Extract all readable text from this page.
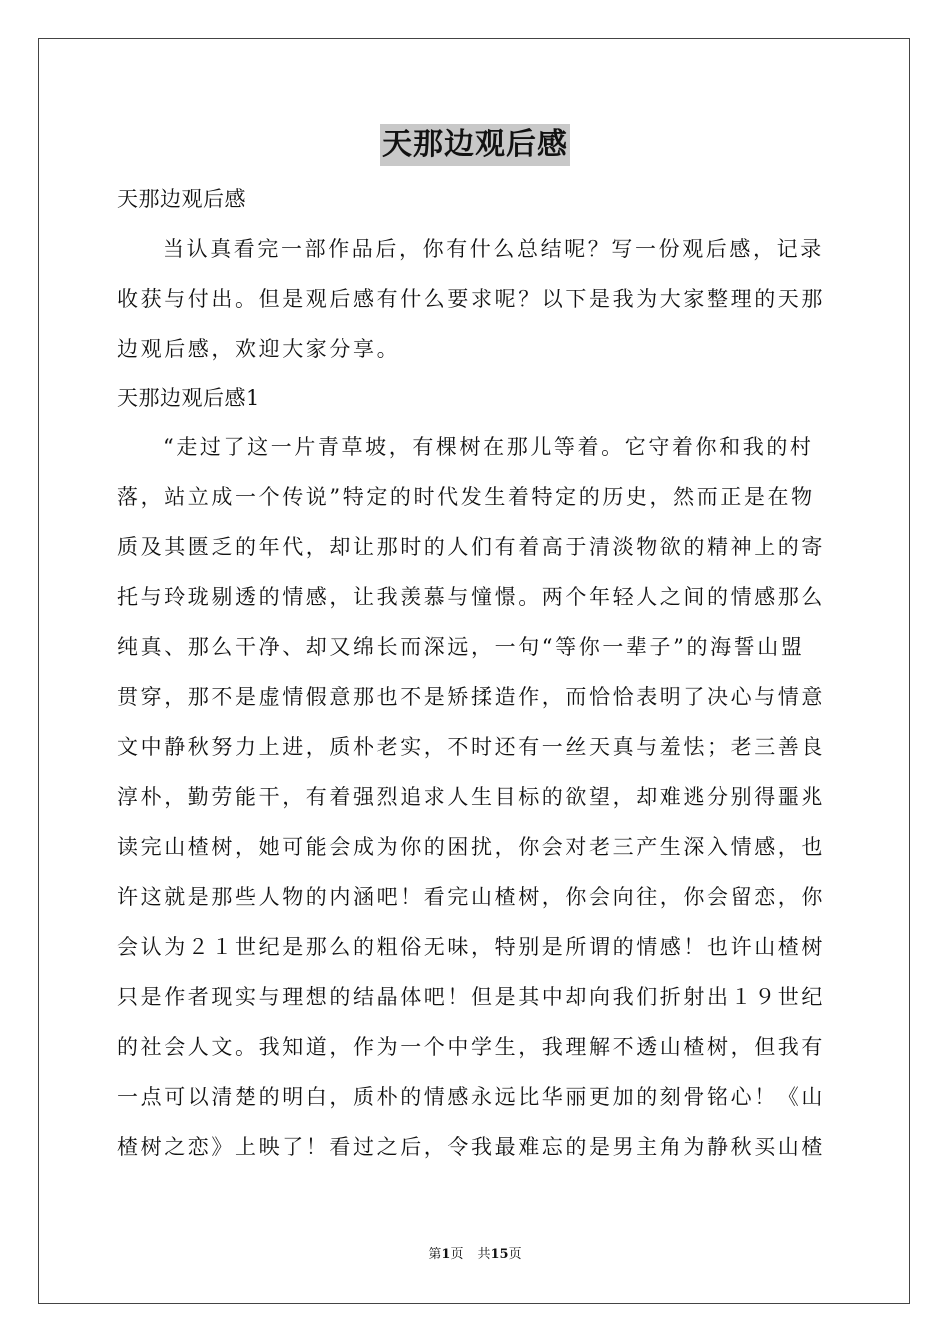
天那边观后感

天那边观后感

当认真看完一部作品后，你有什么总结呢？写一份观后感，记录

收获与付出。但是观后感有什么要求呢？以下是我为大家整理的天那

边观后感，欢迎大家分享。

天那边观后感1

“走过了这一片青草坡，有棵树在那儿等着。它守着你和我的村

落，站立成一个传说”特定的时代发生着特定的历史，然而正是在物

质及其匮乏的年代，却让那时的人们有着高于清淡物欲的精神上的寄

托与玲珑剔透的情感，让我羡慕与憧憬。两个年轻人之间的情感那么

纯真、那么干净、却又绵长而深远，一句“等你一辈子”的海誓山盟

贯穿，那不是虚情假意那也不是矫揉造作，而恰恰表明了决心与情意

文中静秋努力上进，质朴老实，不时还有一丝天真与羞怯；老三善良

淳朴，勤劳能干，有着强烈追求人生目标的欲望，却难逃分别得噩兆

读完山楂树，她可能会成为你的困扰，你会对老三产生深入情感，也

许这就是那些人物的内涵吧！看完山楂树，你会向往，你会留恋，你

会认为２１世纪是那么的粗俗无味，特别是所谓的情感！也许山楂树

只是作者现实与理想的结晶体吧！但是其中却向我们折射出１９世纪

的社会人文。我知道，作为一个中学生，我理解不透山楂树，但我有

一点可以清楚的明白，质朴的情感永远比华丽更加的刻骨铭心！《山

楂树之恋》上映了！看过之后，令我最难忘的是男主角为静秋买山楂

第1页 共15页
